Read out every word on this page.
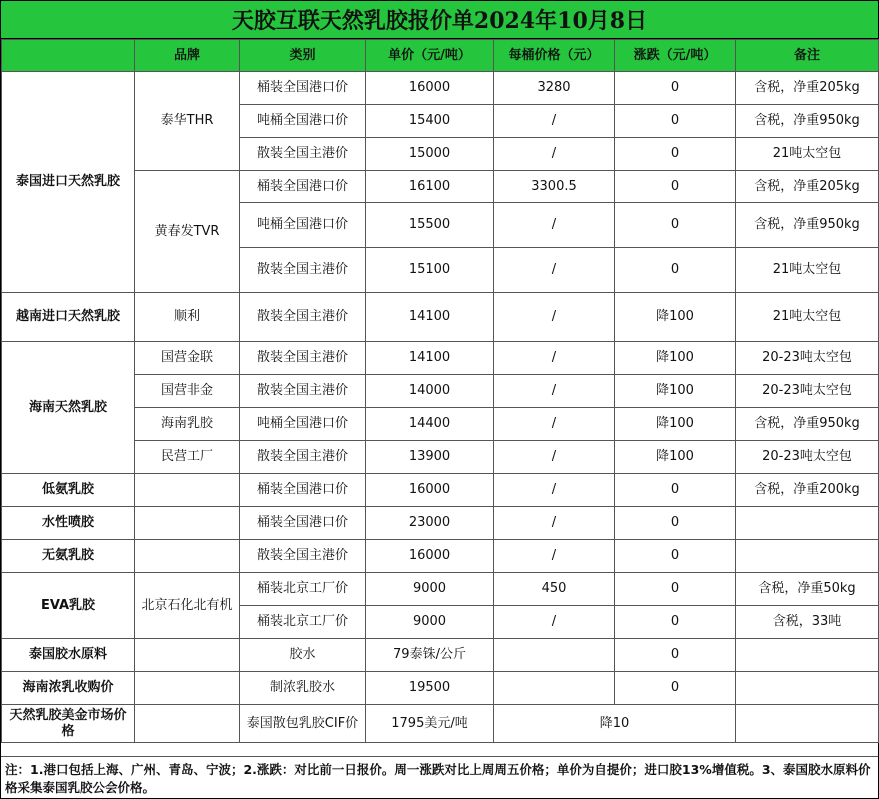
天胶互联天然乳胶报价单2024年10月8日
	品牌	类别	单价（元/吨）	每桶价格（元）	涨跌（元/吨）	备注
泰国进口天然乳胶	泰华THR	桶装全国港口价	16000	3280	0	含税，净重205kg
		吨桶全国港口价	15400	/	0	含税，净重950kg
		散装全国主港价	15000	/	0	21吨太空包
	黄春发TVR	桶装全国港口价	16100	3300.5	0	含税，净重205kg
		吨桶全国港口价	15500	/	0	含税，净重950kg
		散装全国主港价	15100	/	0	21吨太空包
越南进口天然乳胶	顺利	散装全国主港价	14100	/	降100	21吨太空包
海南天然乳胶	国营金联	散装全国主港价	14100	/	降100	20-23吨太空包
	国营非金	散装全国主港价	14000	/	降100	20-23吨太空包
	海南乳胶	吨桶全国港口价	14400	/	降100	含税，净重950kg
	民营工厂	散装全国主港价	13900	/	降100	20-23吨太空包
低氨乳胶		桶装全国港口价	16000	/	0	含税，净重200kg
水性喷胶		桶装全国港口价	23000	/	0	
无氨乳胶		散装全国主港价	16000	/	0	
EVA乳胶	北京石化北有机	桶装北京工厂价	9000	450	0	含税，净重50kg
		桶装北京工厂价	9000	/	0	含税，33吨
泰国胶水原料		胶水	79泰铢/公斤		0	
海南浓乳收购价		制浓乳胶水	19500		0	
天然乳胶美金市场价格		泰国散包乳胶CIF价	1795美元/吨	降10		
注：1.港口包括上海、广州、青岛、宁波；2.涨跌：对比前一日报价。周一涨跌对比上周周五价格；单价为自提价；进口胶13%增值税。3、泰国胶水原料价格采集泰国乳胶公会价格。
